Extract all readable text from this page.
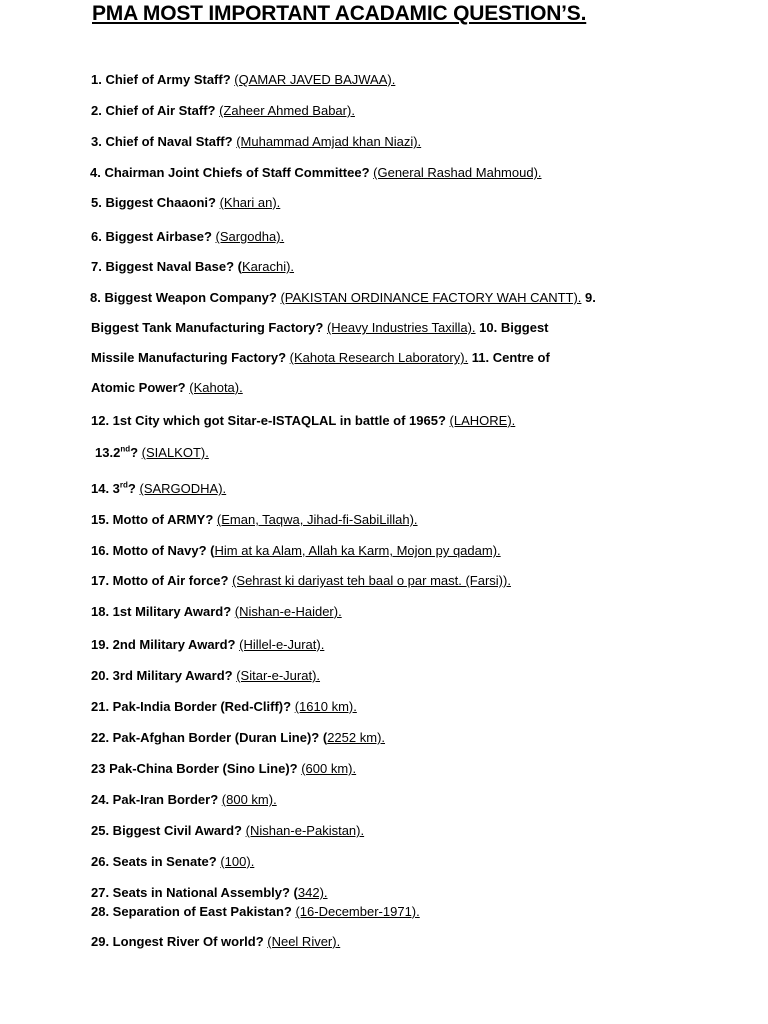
PMA MOST IMPORTANT ACADAMIC QUESTION’S.
1. Chief of Army Staff? (QAMAR JAVED BAJWAA).
2. Chief of Air Staff? (Zaheer Ahmed Babar).
3. Chief of Naval Staff? (Muhammad Amjad khan Niazi).
4. Chairman Joint Chiefs of Staff Committee? (General Rashad Mahmoud).
5. Biggest Chaaoni? (Khari an).
6. Biggest Airbase? (Sargodha).
7. Biggest Naval Base? (Karachi).
8. Biggest Weapon Company? (PAKISTAN ORDINANCE FACTORY WAH CANTT). 9.
Biggest Tank Manufacturing Factory? (Heavy Industries Taxilla). 10. Biggest
Missile Manufacturing Factory? (Kahota Research Laboratory). 11. Centre of
Atomic Power? (Kahota).
12. 1st City which got Sitar-e-ISTAQLAL in battle of 1965? (LAHORE).
13.2nd? (SIALKOT).
14. 3rd? (SARGODHA).
15. Motto of ARMY? (Eman, Taqwa, Jihad-fi-SabiLillah).
16. Motto of Navy? (Him at ka Alam, Allah ka Karm, Mojon py qadam).
17. Motto of Air force? (Sehrast ki dariyast teh baal o par mast. (Farsi)).
18. 1st Military Award? (Nishan-e-Haider).
19. 2nd Military Award? (Hillel-e-Jurat).
20. 3rd Military Award? (Sitar-e-Jurat).
21. Pak-India Border (Red-Cliff)? (1610 km).
22. Pak-Afghan Border (Duran Line)? (2252 km).
23 Pak-China Border (Sino Line)? (600 km).
24. Pak-Iran Border? (800 km).
25. Biggest Civil Award? (Nishan-e-Pakistan).
26. Seats in Senate? (100).
27. Seats in National Assembly? (342).
28. Separation of East Pakistan? (16-December-1971).
29. Longest River Of world? (Neel River).
